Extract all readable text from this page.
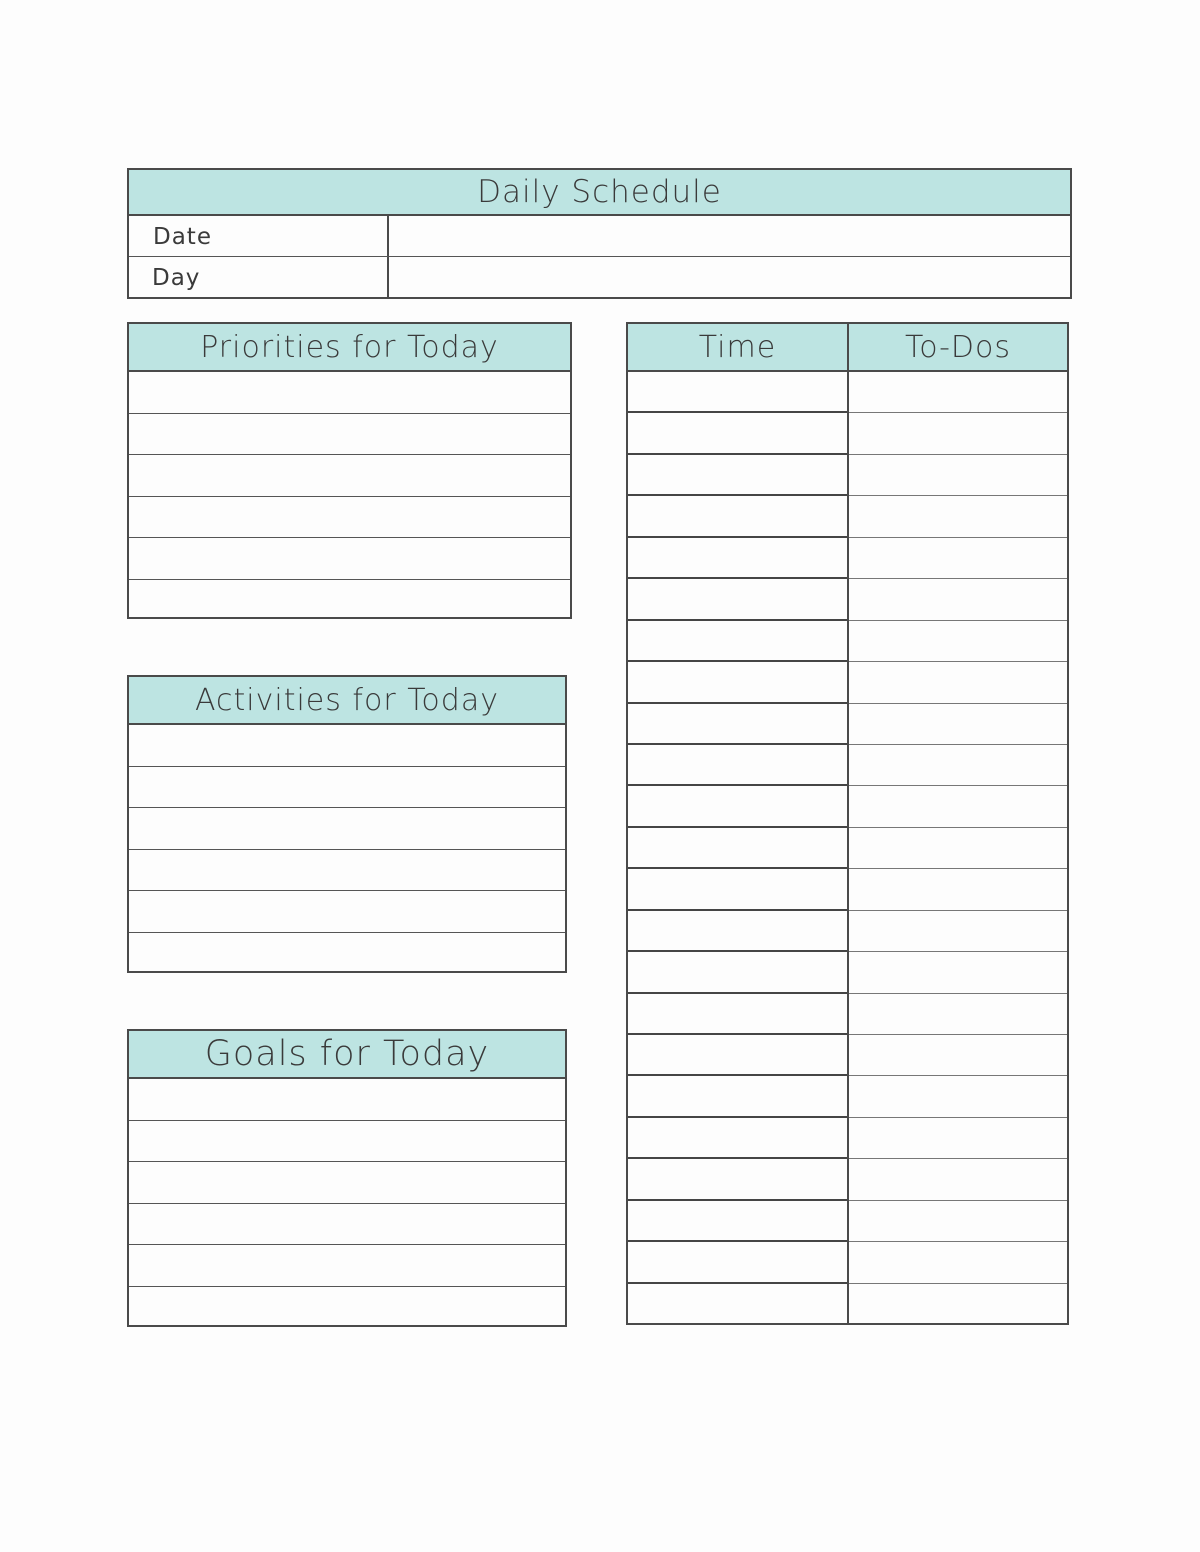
Daily Schedule
Date
Day
Priorities for Today
Activities for Today
Goals for Today
Time	To-Dos
